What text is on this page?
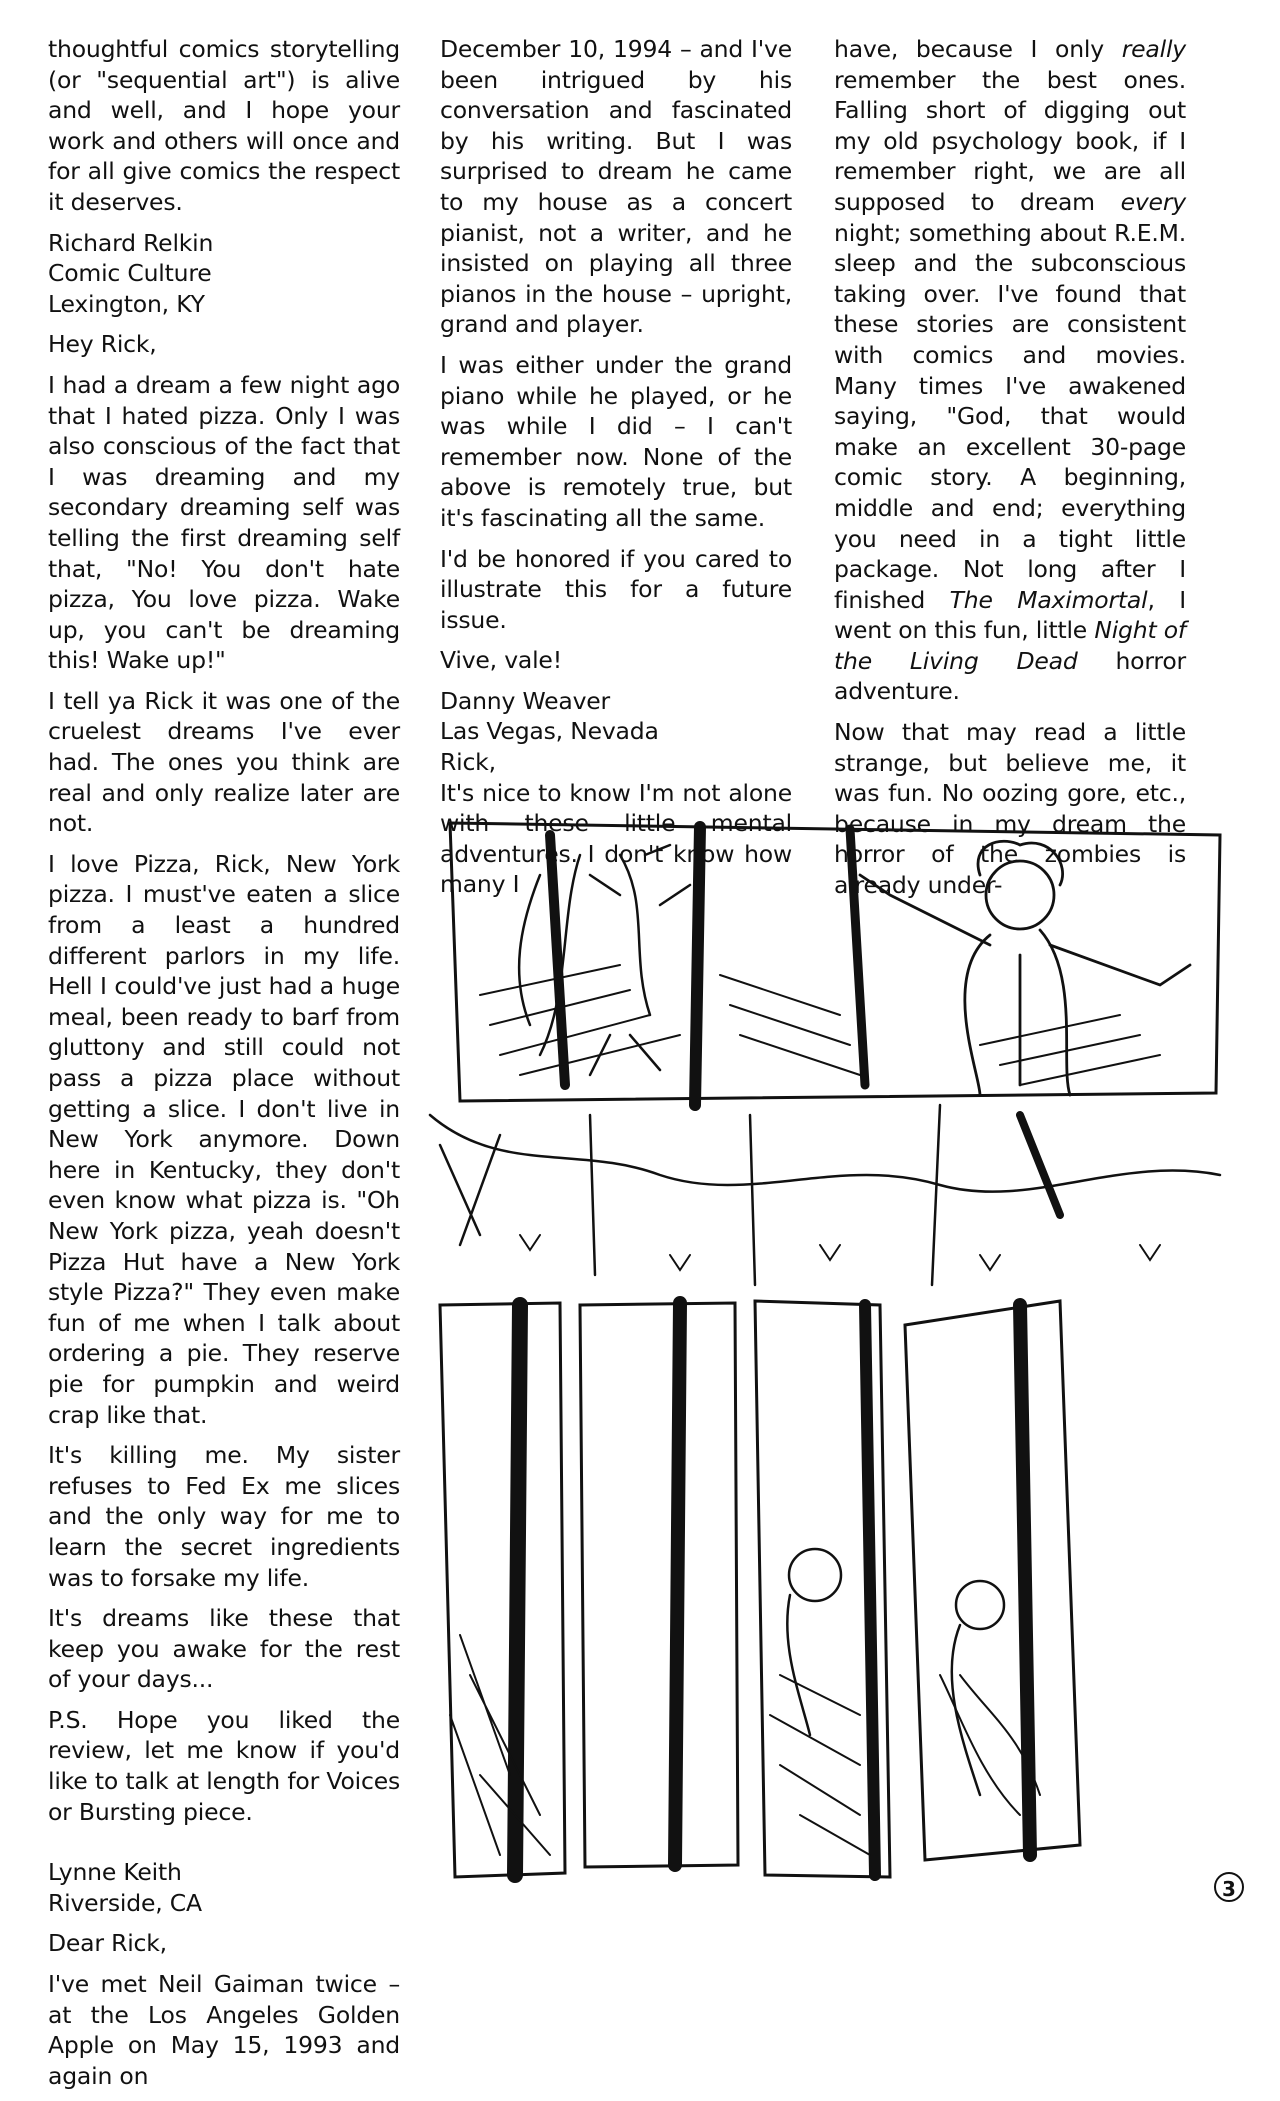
thoughtful comics storytelling (or "sequential art") is alive and well, and I hope your work and others will once and for all give comics the respect it deserves.

Richard Relkin
Comic Culture
Lexington, KY

Hey Rick,

I had a dream a few night ago that I hated pizza. Only I was also conscious of the fact that I was dreaming and my secondary dreaming self was telling the first dreaming self that, "No! You don't hate pizza, You love pizza. Wake up, you can't be dreaming this! Wake up!"

I tell ya Rick it was one of the cruelest dreams I've ever had. The ones you think are real and only realize later are not.

I love Pizza, Rick, New York pizza. I must've eaten a slice from a least a hundred different parlors in my life. Hell I could've just had a huge meal, been ready to barf from gluttony and still could not pass a pizza place without getting a slice. I don't live in New York anymore. Down here in Kentucky, they don't even know what pizza is. "Oh New York pizza, yeah doesn't Pizza Hut have a New York style Pizza?" They even make fun of me when I talk about ordering a pie. They reserve pie for pumpkin and weird crap like that.

It's killing me. My sister refuses to Fed Ex me slices and the only way for me to learn the secret ingredients was to forsake my life.

It's dreams like these that keep you awake for the rest of your days...

P.S. Hope you liked the review, let me know if you'd like to talk at length for Voices or Bursting piece.

Lynne Keith
Riverside, CA

Dear Rick,

I've met Neil Gaiman twice – at the Los Angeles Golden Apple on May 15, 1993 and again on

December 10, 1994 – and I've been intrigued by his conversation and fascinated by his writing. But I was surprised to dream he came to my house as a concert pianist, not a writer, and he insisted on playing all three pianos in the house – upright, grand and player.

I was either under the grand piano while he played, or he was while I did – I can't remember now. None of the above is remotely true, but it's fascinating all the same.

I'd be honored if you cared to illustrate this for a future issue.

Vive, vale!

Danny Weaver
Las Vegas, Nevada

Rick,

It's nice to know I'm not alone with these little mental adventures. I don't know how many I

have, because I only really remember the best ones. Falling short of digging out my old psychology book, if I remember right, we are all supposed to dream every night; something about R.E.M. sleep and the subconscious taking over. I've found that these stories are consistent with comics and movies. Many times I've awakened saying, "God, that would make an excellent 30-page comic story. A beginning, middle and end; everything you need in a tight little package. Not long after I finished The Maximortal, I went on this fun, little Night of the Living Dead horror adventure.

Now that may read a little strange, but believe me, it was fun. No oozing gore, etc., because in my dream the horror of the zombies is already under-

3
